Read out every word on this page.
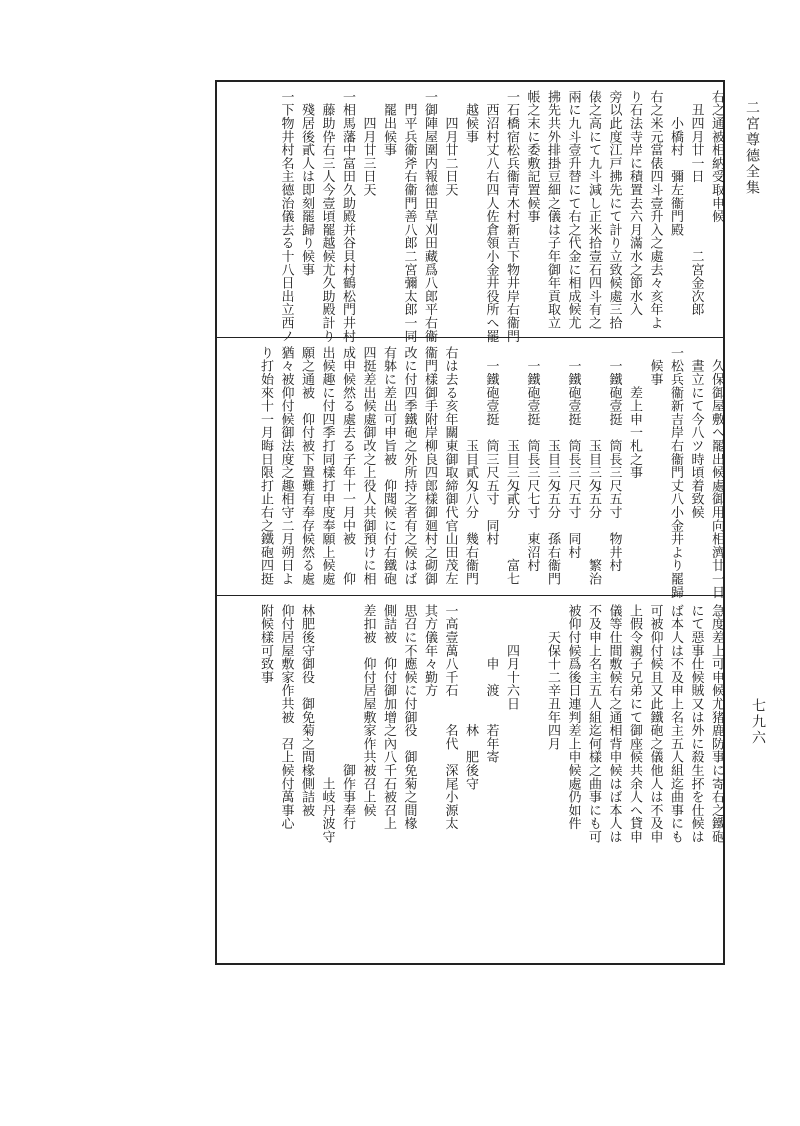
二宮尊德全集
七九六
右之通被相納受取申候
　丑四月廿一日　　　　　二宮金次郎
　　小橋村　彌左衞門殿
右之米元當俵四斗壹升入之處去々亥年よ
り石法寺岸に積置去六月滿水之節水入
旁以此度江戸拂先にて計り立致候處三拾
俵之高にて九斗減し正米拾壹石四斗有之
兩に九斗壹升替にて右之代金に相成候尤
拂先共外排掛豆細之儀は子年御年貢取立
帳之末に委敷記置候事
一石橋宿松兵衞青木村新吉下物井岸右衞門
　西沼村丈八右四人佐倉領小金井役所へ罷
　越候事
　　四月廿二日天
一御陣屋圍内報德田草刈田藏爲八郎平右衞
　門平兵衞斧右衞門善八郎二宮彌太郎一同
　罷出候事
　　四月廿三日天
一相馬藩中富田久助殿并谷貝村鶴松門井村
　藤助伜右三人今壹頃罷越候尤久助殿計り
　殘居後貳人は即刻罷歸り候事
一下物井村名主德治儀去る十八日出立西ノ
　久保御屋敷へ罷出候處御用向相濟廿一日
　晝立にて今八ツ時頃着致候
一松兵衞新吉岸右衞門丈八小金井より罷歸
　候事
　　　差上申一札之事
　一鐵砲壹挺　筒長三尺五寸　物井村
　　　　　　　玉目三匁五分　　　繁治
　一鐵砲壹挺　筒長三尺五寸　同村
　　　　　　　玉目三匁五分　孫右衞門
　一鐵砲壹挺　筒長三尺七寸　東沼村
　　　　　　　玉目三匁貳分　　　富七
　一鐵砲壹挺　筒三尺五寸　同村
　　　　　　　玉目貳匁八分　幾右衞門
右は去る亥年關東御取締御代官山田茂左
衞門樣御手附岸柳良四郎樣御廻村之砌御
改に付四季鐵砲之外所持之者有之候はば
有躰に差出可申旨被　仰聞候に付右鐵砲
四挺差出候處御改之上役人共御預けに相
成申候然る處去る子年十一月中被　　仰
出候趣に付四季打同樣打申度奉願上候處
願之通被　仰付被下置難有奉存候然る處
猶々被仰付候御法度之趣相守二月朔日よ
り打始來十一月晦日限打止右之鐵砲四挺
急度差上可申候尤猪鹿防事に寄右之鐵砲
にて惡事仕候賊又は外に殺生抔を仕候は
ば本人は不及申上名主五人組迄曲事にも
可被仰付候且又此鐵砲之儀他人は不及申
上假令親子兄弟にて御座候共余人へ貸申
儀等仕間敷候右之通相背申候はば本人は
不及申上名主五人組迄何樣之曲事にも可
被仰付候爲後日連判差上申候處仍如件
　　天保十二辛丑年四月
　　　四月十六日
　　　　申　渡　　若年寄
　　　　　　　　　林　肥後守
一高壹萬八千石　　名代　深尾小源太
其方儀年々勤方
思召に不應候に付御役　御免菊之間椽
側詰被　仰付御加增之內八千石被召上
差扣被　仰付居屋敷家作共被召上候
　　　　　　　　　　　　御作事奉行
　　　　　　　　　　　　　土岐丹波守
林肥後守御役　御免菊之間椽側詰被
仰付居屋敷家作共被　召上候付萬事心
附候樣可致事
